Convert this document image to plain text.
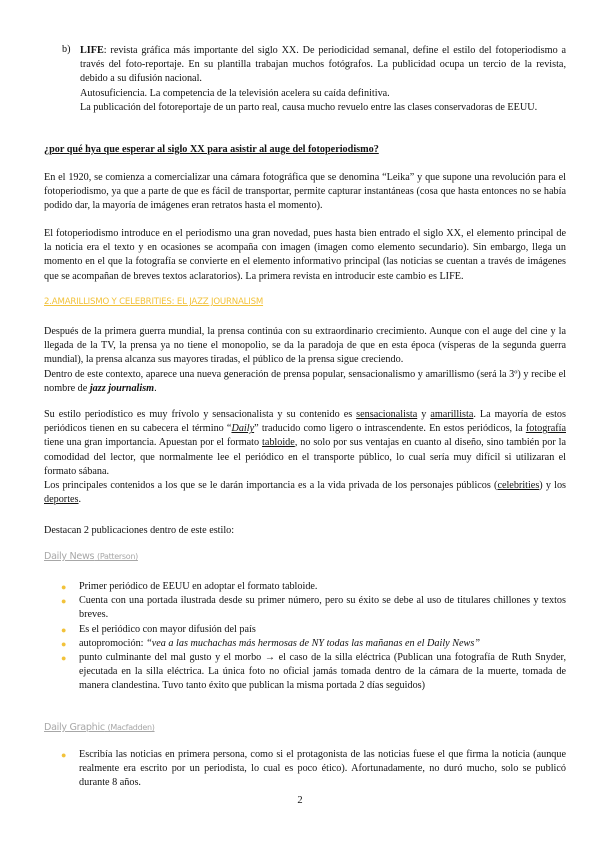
b) LIFE: revista gráfica más importante del siglo XX. De periodicidad semanal, define el estilo del fotoperiodismo a través del foto-reportaje. En su plantilla trabajan muchos fotógrafos. La publicidad ocupa un tercio de la revista, debido a su difusión nacional.

Autosuficiencia. La competencia de la televisión acelera su caída definitiva.

La publicación del fotoreportaje de un parto real, causa mucho revuelo entre las clases conservadoras de EEUU.

¿por qué hya que esperar al siglo XX para asistir al auge del fotoperiodismo?

En el 1920, se comienza a comercializar una cámara fotográfica que se denomina “Leika” y que supone una revolución para el fotoperiodismo, ya que a parte de que es fácil de transportar, permite capturar instantáneas (cosa que hasta entonces no se había podido dar, la mayoría de imágenes eran retratos hasta el momento).

El fotoperiodismo introduce en el periodismo una gran novedad, pues hasta bien entrado el siglo XX, el elemento principal de la noticia era el texto y en ocasiones se acompaña con imagen (imagen como elemento secundario). Sin embargo, llega un momento en el que la fotografía se convierte en el elemento informativo principal (las noticias se cuentan a través de imágenes que se acompañan de breves textos aclaratorios). La primera revista en introducir este cambio es LIFE.

2.AMARILLISMO Y CELEBRITIES: EL JAZZ JOURNALISM

Después de la primera guerra mundial, la prensa continúa con su extraordinario crecimiento. Aunque con el auge del cine y la llegada de la TV, la prensa ya no tiene el monopolio, se da la paradoja de que en esta época (vísperas de la segunda guerra mundial), la prensa alcanza sus mayores tiradas, el público de la prensa sigue creciendo.

Dentro de este contexto, aparece una nueva generación de prensa popular, sensacionalismo y amarillismo (será la 3º) y recibe el nombre de jazz journalism.

Su estilo periodístico es muy frívolo y sensacionalista y su contenido es sensacionalista y amarillista. La mayoría de estos periódicos tienen en su cabecera el término “Daily” traducido como ligero o intrascendente. En estos periódicos, la fotografía tiene una gran importancia. Apuestan por el formato tabloide, no solo por sus ventajas en cuanto al diseño, sino también por la comodidad del lector, que normalmente lee el periódico en el transporte público, lo cual sería muy difícil si utilizaran el formato sábana.

Los principales contenidos a los que se le darán importancia es a la vida privada de los personajes públicos (celebrities) y los deportes.

Destacan 2 publicaciones dentro de este estilo:

Daily News (Patterson)
● Primer periódico de EEUU en adoptar el formato tabloide.
● Cuenta con una portada ilustrada desde su primer número, pero su éxito se debe al uso de titulares chillones y textos breves.
● Es el periódico con mayor difusión del país
● autopromoción: “vea a las muchachas más hermosas de NY todas las mañanas en el Daily News”
● punto culminante del mal gusto y el morbo → el caso de la silla eléctrica (Publican una fotografía de Ruth Snyder, ejecutada en la silla eléctrica. La única foto no oficial jamás tomada dentro de la cámara de la muerte, tomada de manera clandestina. Tuvo tanto éxito que publican la misma portada 2 días seguidos)
Daily Graphic (Macfadden)
● Escribía las noticias en primera persona, como si el protagonista de las noticias fuese el que firma la noticia (aunque realmente era escrito por un periodista, lo cual es poco ético). Afortunadamente, no duró mucho, solo se publicó durante 8 años.
2
